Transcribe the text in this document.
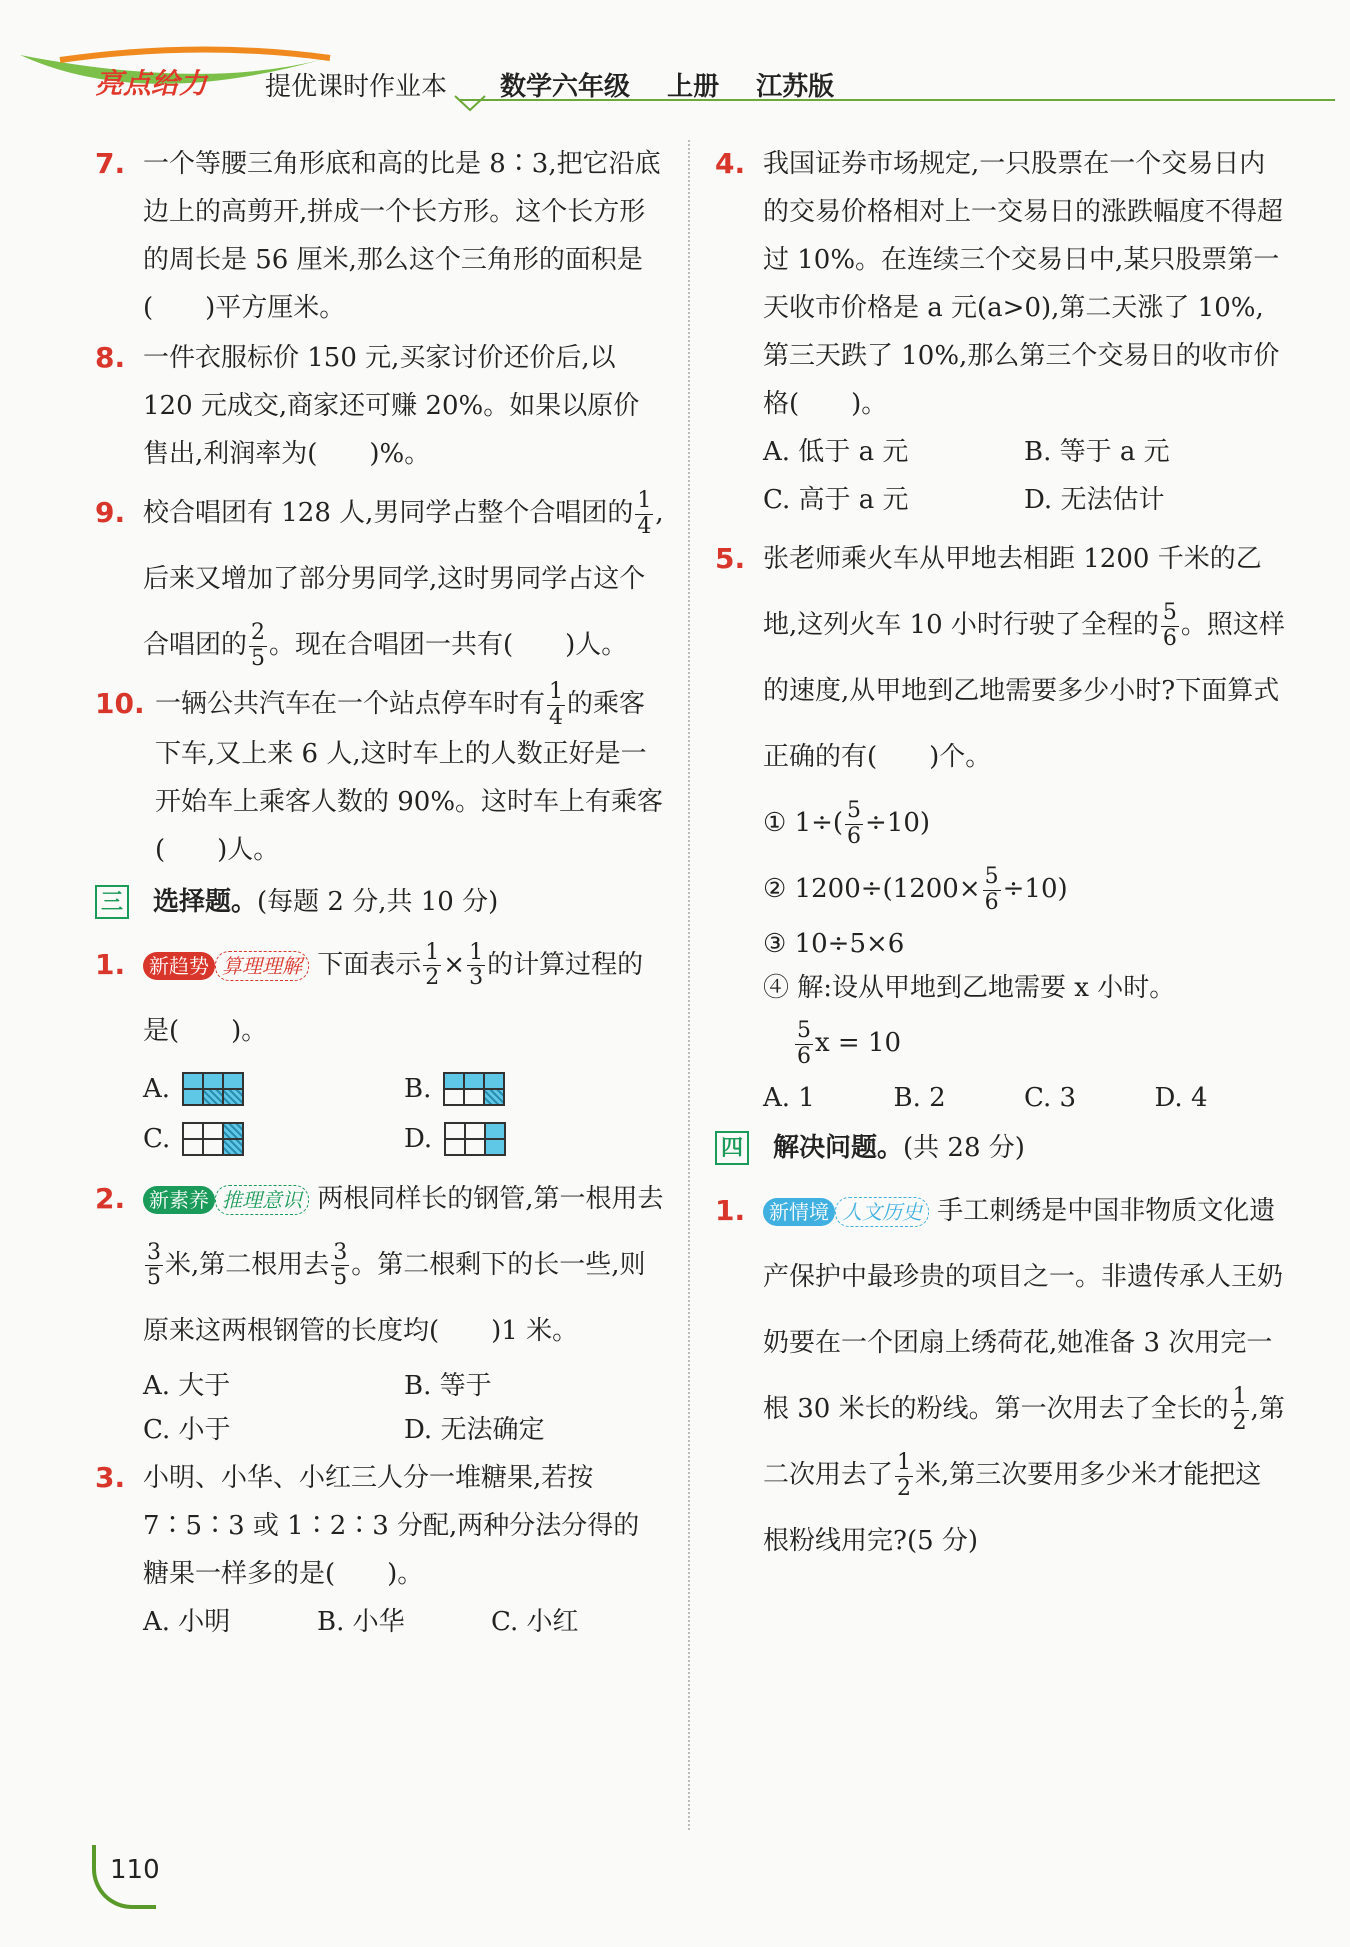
亮点给力 提优课时作业本 数学六年级 上册 江苏版
7. 一个等腰三角形底和高的比是 8∶3,把它沿底边上的高剪开,拼成一个长方形。这个长方形的周长是 56 厘米,那么这个三角形的面积是(　　)平方厘米。

8. 一件衣服标价 150 元,买家讨价还价后,以 120 元成交,商家还可赚 20%。如果以原价售出,利润率为(　　)%。

9. 校合唱团有 128 人,男同学占整个合唱团的 $\frac{1}{4}$ ,后来又增加了部分男同学,这时男同学占这个合唱团的 $\frac{2}{5}$ 。现在合唱团一共有(　　)人。

10. 一辆公共汽车在一个站点停车时有 $\frac{1}{4}$ 的乘客下车,又上来 6 人,这时车上的人数正好是一开始车上乘客人数的 90%。这时车上有乘客(　　)人。

三 选择题。(每题 2 分,共 10 分)
1.	新趋势 算理理解 下面表示 $\frac{1}{2} \times \frac{1}{3}$ 的计算过程的是(　　)。

A.	B.
C.	D.
2.	新素养 推理意识 两根同样长的钢管,第一根用去
$\frac{3}{5}$ 米,第二根用去 $\frac{3}{5}$ 。第二根剩下的长一些,则原来这两根钢管的长度均(　　)1 米。

A. 大于	B. 等于
C. 小于	D. 无法确定
3. 小明、小华、小红三人分一堆糖果,若按 7∶5∶3 或 1∶2∶3 分配,两种分法分得的糖果一样多的是(　　)。

A. 小明	B. 小华	C. 小红
4. 我国证券市场规定,一只股票在一个交易日内的交易价格相对上一交易日的涨跌幅度不得超过 10%。在连续三个交易日中,某只股票第一天收市价格是 a 元(a>0),第二天涨了 10%,第三天跌了 10%,那么第三个交易日的收市价格(　　)。

A. 低于 a 元	B. 等于 a 元
C. 高于 a 元	D. 无法估计
5. 张老师乘火车从甲地去相距 1200 千米的乙地,这列火车 10 小时行驶了全程的 $\frac{5}{6}$ 。照这样的速度,从甲地到乙地需要多少小时?下面算式正确的有(　　)个。

① $1\div( \frac{5}{6} \div 10)$
② $1200\div(1200\times \frac{5}{6} \div 10)$
③ 10÷5×6
④ 解:设从甲地到乙地需要 x 小时。
$\frac{5}{6}$ x = 10
A. 1	B. 2	C. 3	D. 4
四 解决问题。(共 28 分)
1.	新情境 人文历史 手工刺绣是中国非物质文化遗产保护中最珍贵的项目之一。非遗传承人王奶奶要在一个团扇上绣荷花,她准备 3 次用完一根 30 米长的粉线。第一次用去了全长的 $\frac{1}{2}$ ,第二次用去了 $\frac{1}{2}$ 米,第三次要用多少米才能把这根粉线用完?(5 分)

110
